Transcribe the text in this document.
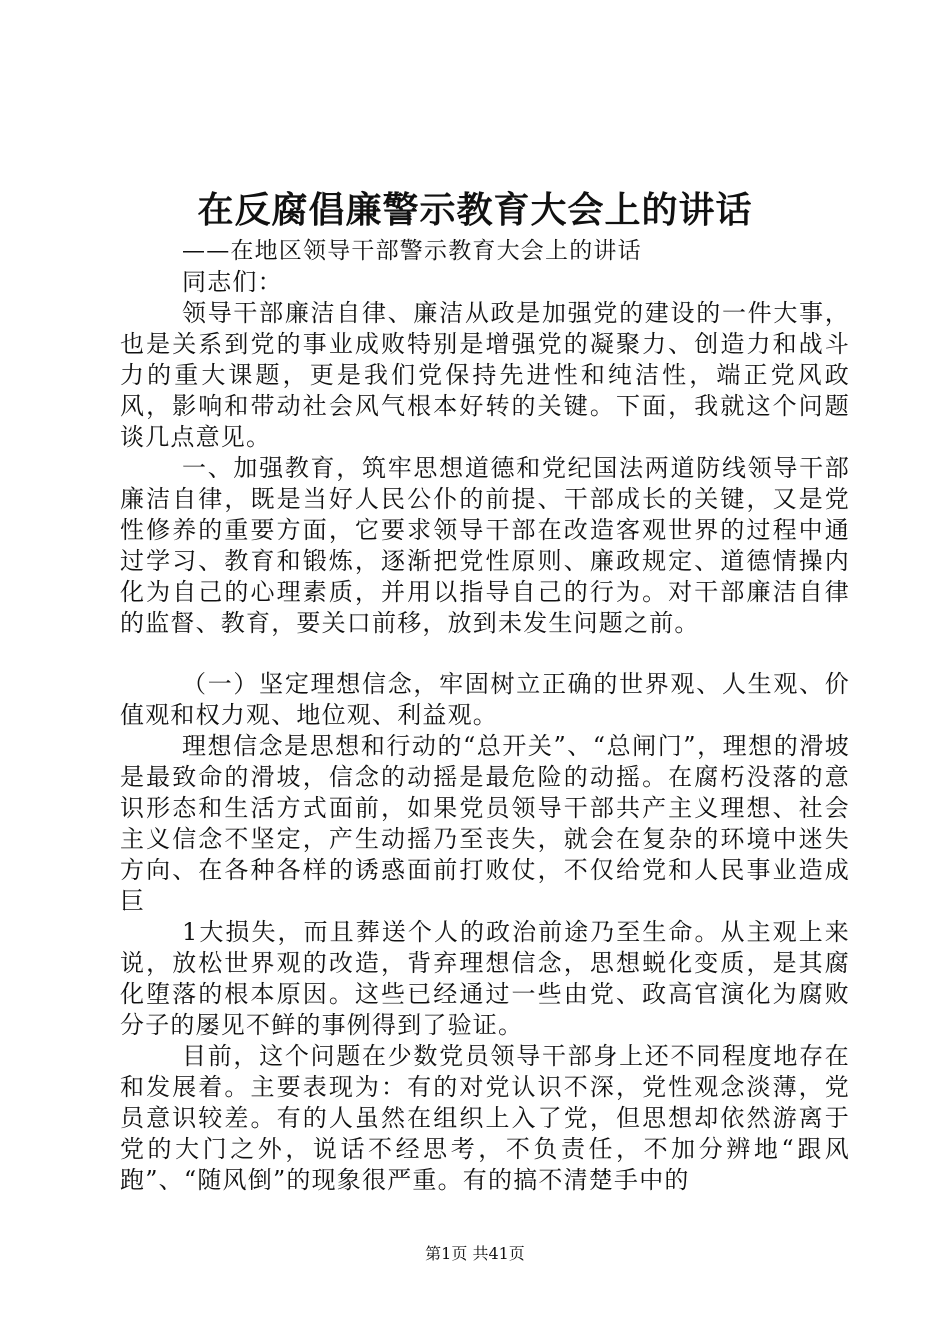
在反腐倡廉警示教育大会上的讲话

——在地区领导干部警示教育大会上的讲话

同志们：

领导干部廉洁自律、廉洁从政是加强党的建设的一件大事，也是关系到党的事业成败特别是增强党的凝聚力、创造力和战斗力的重大课题，更是我们党保持先进性和纯洁性，端正党风政风，影响和带动社会风气根本好转的关键。下面，我就这个问题谈几点意见。

一、加强教育，筑牢思想道德和党纪国法两道防线领导干部廉洁自律，既是当好人民公仆的前提、干部成长的关键，又是党性修养的重要方面，它要求领导干部在改造客观世界的过程中通过学习、教育和锻炼，逐渐把党性原则、廉政规定、道德情操内化为自己的心理素质，并用以指导自己的行为。对干部廉洁自律的监督、教育，要关口前移，放到未发生问题之前。

（一）坚定理想信念，牢固树立正确的世界观、人生观、价值观和权力观、地位观、利益观。

理想信念是思想和行动的“总开关”、“总闸门”，理想的滑坡是最致命的滑坡，信念的动摇是最危险的动摇。在腐朽没落的意识形态和生活方式面前，如果党员领导干部共产主义理想、社会主义信念不坚定，产生动摇乃至丧失，就会在复杂的环境中迷失方向、在各种各样的诱惑面前打败仗，不仅给党和人民事业造成巨

1大损失，而且葬送个人的政治前途乃至生命。从主观上来说，放松世界观的改造，背弃理想信念，思想蜕化变质，是其腐化堕落的根本原因。这些已经通过一些由党、政高官演化为腐败分子的屡见不鲜的事例得到了验证。

目前，这个问题在少数党员领导干部身上还不同程度地存在和发展着。主要表现为：有的对党认识不深，党性观念淡薄，党员意识较差。有的人虽然在组织上入了党，但思想却依然游离于党的大门之外，说话不经思考，不负责任，不加分辨地“跟风跑”、“随风倒”的现象很严重。有的搞不清楚手中的

第1页 共41页
